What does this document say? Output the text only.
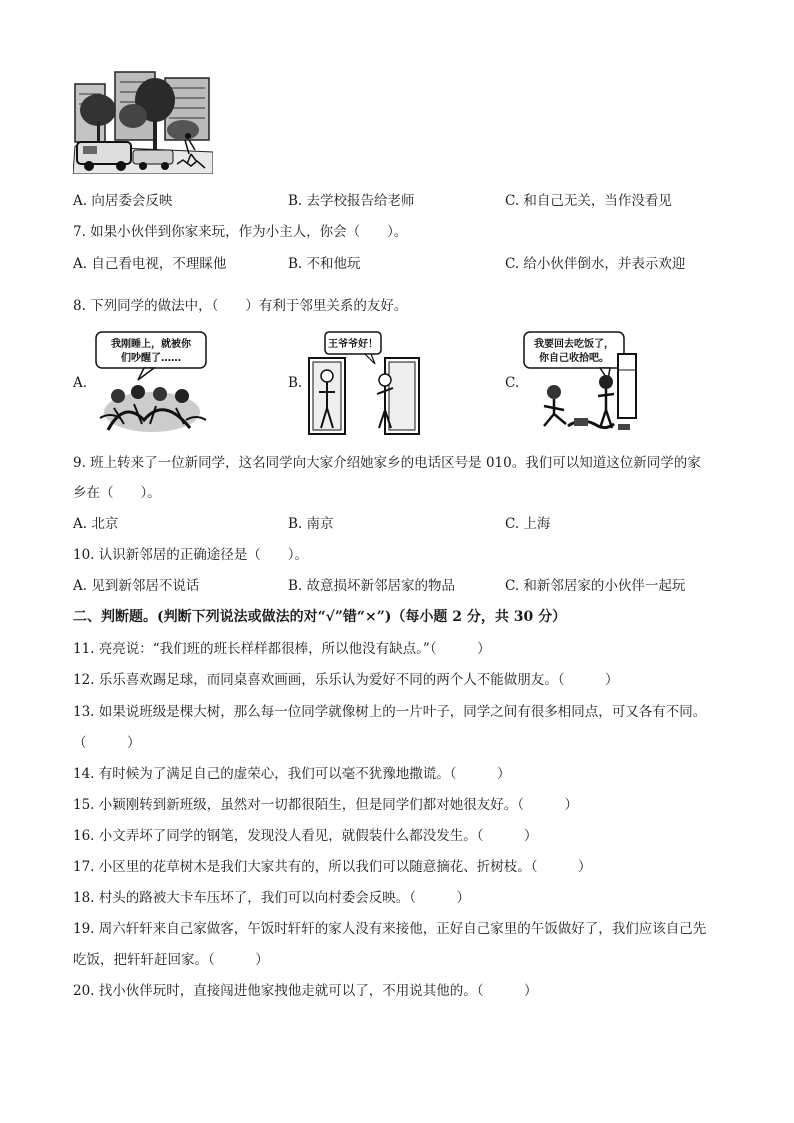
A. 向居委会反映	B. 去学校报告给老师	C. 和自己无关，当作没看见
7. 如果小伙伴到你家来玩，作为小主人，你会（　　）。
A. 自己看电视，不理睬他	B. 不和他玩	C. 给小伙伴倒水，并表示欢迎
8. 下列同学的做法中，（　　）有利于邻里关系的友好。
A.
我刚睡上，就被你
们吵醒了……
B.
王爷爷好！
C.
我要回去吃饭了，
你自己收拾吧。
9. 班上转来了一位新同学，这名同学向大家介绍她家乡的电话区号是 010。我们可以知道这位新同学的家
乡在（　　）。
A. 北京	B. 南京	C. 上海
10. 认识新邻居的正确途径是（　　）。
A. 见到新邻居不说话	B. 故意损坏新邻居家的物品	C. 和新邻居家的小伙伴一起玩
二、判断题。(判断下列说法或做法的对“√”错“×”)（每小题 2 分，共 30 分）
11. 亮亮说：“我们班的班长样样都很棒，所以他没有缺点。”（　　　）
12. 乐乐喜欢踢足球，而同桌喜欢画画，乐乐认为爱好不同的两个人不能做朋友。（　　　）
13. 如果说班级是棵大树，那么每一位同学就像树上的一片叶子，同学之间有很多相同点，可又各有不同。
（　　　）
14. 有时候为了满足自己的虚荣心，我们可以毫不犹豫地撒谎。（　　　）
15. 小颖刚转到新班级，虽然对一切都很陌生，但是同学们都对她很友好。（　　　）
16. 小文弄坏了同学的钢笔，发现没人看见，就假装什么都没发生。（　　　）
17. 小区里的花草树木是我们大家共有的，所以我们可以随意摘花、折树枝。（　　　）
18. 村头的路被大卡车压坏了，我们可以向村委会反映。（　　　）
19. 周六轩轩来自己家做客，午饭时轩轩的家人没有来接他，正好自己家里的午饭做好了，我们应该自己先
吃饭，把轩轩赶回家。（　　　）
20. 找小伙伴玩时，直接闯进他家拽他走就可以了，不用说其他的。（　　　）
